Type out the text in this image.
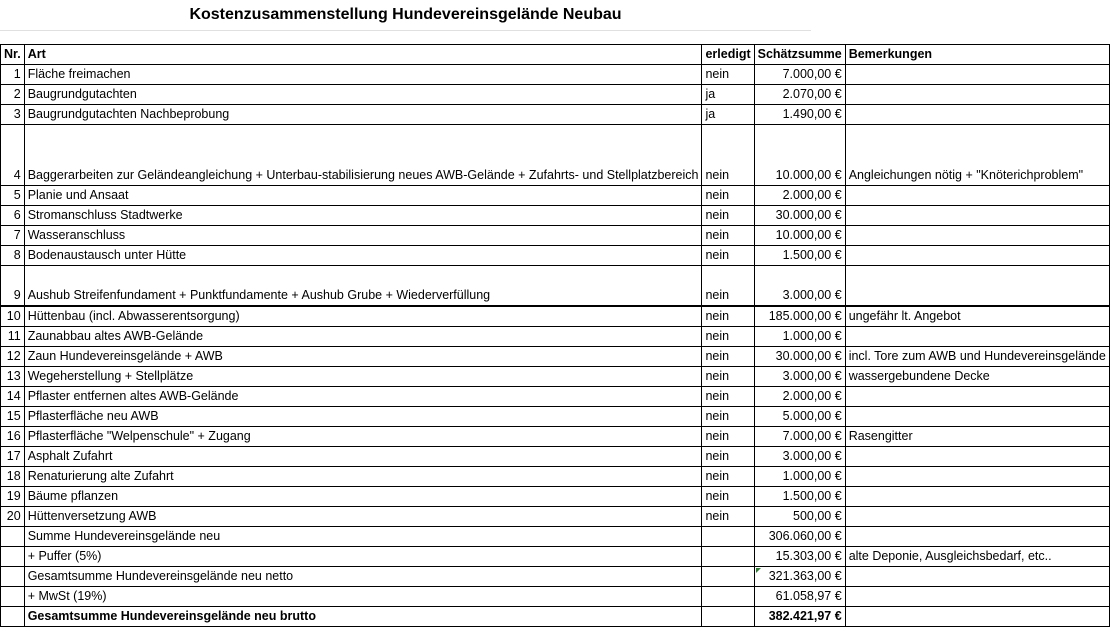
Kostenzusammenstellung Hundevereinsgelände Neubau
Nr.	Art	erledigt	Schätzsumme	Bemerkungen
1	Fläche freimachen	nein	7.000,00 €	
2	Baugrundgutachten	ja	2.070,00 €	
3	Baugrundgutachten Nachbeprobung	ja	1.490,00 €	
4	Baggerarbeiten zur Geländeangleichung + Unterbau-stabilisierung neues AWB-Gelände + Zufahrts- und Stellplatzbereich	nein	10.000,00 €	Angleichungen nötig + "Knöterichproblem"
5	Planie und Ansaat	nein	2.000,00 €	
6	Stromanschluss Stadtwerke	nein	30.000,00 €	
7	Wasseranschluss	nein	10.000,00 €	
8	Bodenaustausch unter Hütte	nein	1.500,00 €	
9	Aushub Streifenfundament + Punktfundamente + Aushub Grube + Wiederverfüllung	nein	3.000,00 €	
10	Hüttenbau (incl. Abwasserentsorgung)	nein	185.000,00 €	ungefähr lt. Angebot
11	Zaunabbau altes AWB-Gelände	nein	1.000,00 €	
12	Zaun Hundevereinsgelände + AWB	nein	30.000,00 €	incl. Tore zum AWB und Hundevereinsgelände
13	Wegeherstellung + Stellplätze	nein	3.000,00 €	wassergebundene Decke
14	Pflaster entfernen altes AWB-Gelände	nein	2.000,00 €	
15	Pflasterfläche neu AWB	nein	5.000,00 €	
16	Pflasterfläche "Welpenschule" + Zugang	nein	7.000,00 €	Rasengitter
17	Asphalt Zufahrt	nein	3.000,00 €	
18	Renaturierung alte Zufahrt	nein	1.000,00 €	
19	Bäume pflanzen	nein	1.500,00 €	
20	Hüttenversetzung AWB	nein	500,00 €	
	Summe Hundevereinsgelände neu		306.060,00 €	
	+ Puffer (5%)		15.303,00 €	alte Deponie, Ausgleichsbedarf, etc..
	Gesamtsumme Hundevereinsgelände neu netto		321.363,00 €	
	+ MwSt (19%)		61.058,97 €	
	Gesamtsumme Hundevereinsgelände neu brutto		382.421,97 €	
